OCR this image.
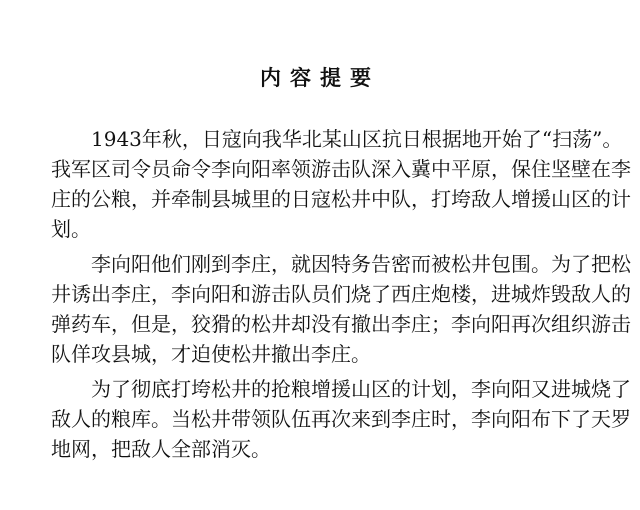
内容提要

1943年秋，日寇向我华北某山区抗日根据地开始了“扫荡”。我军区司令员命令李向阳率领游击队深入冀中平原，保住坚壁在李庄的公粮，并牵制县城里的日寇松井中队，打垮敌人增援山区的计划。

李向阳他们刚到李庄，就因特务告密而被松井包围。为了把松井诱出李庄，李向阳和游击队员们烧了西庄炮楼，进城炸毁敌人的弹药车，但是，狡猾的松井却没有撤出李庄；李向阳再次组织游击队佯攻县城，才迫使松井撤出李庄。

为了彻底打垮松井的抢粮增援山区的计划，李向阳又进城烧了敌人的粮库。当松井带领队伍再次来到李庄时，李向阳布下了天罗地网，把敌人全部消灭。
